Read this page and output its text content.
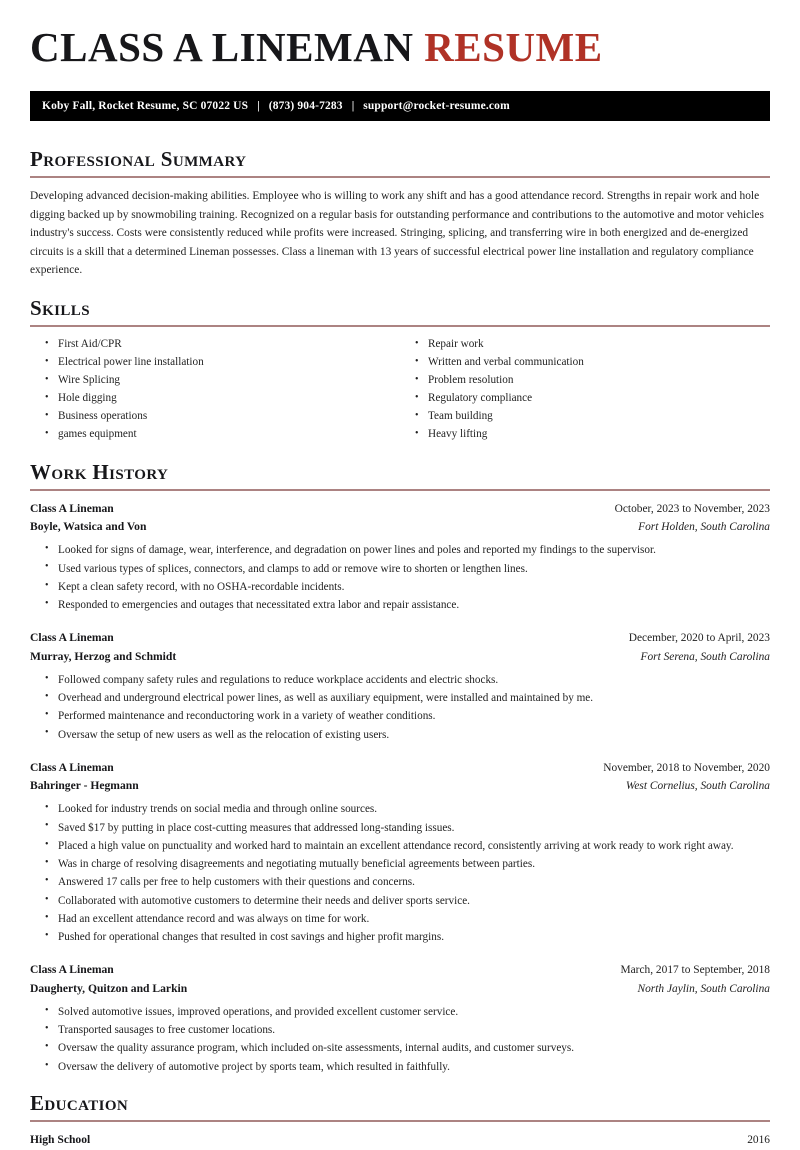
CLASS A LINEMAN RESUME
Koby Fall, Rocket Resume, SC 07022 US | (873) 904-7283 | support@rocket-resume.com
Professional Summary

Developing advanced decision-making abilities. Employee who is willing to work any shift and has a good attendance record. Strengths in repair work and hole digging backed up by snowmobiling training. Recognized on a regular basis for outstanding performance and contributions to the automotive and motor vehicles industry's success. Costs were consistently reduced while profits were increased. Stringing, splicing, and transferring wire in both energized and de-energized circuits is a skill that a determined Lineman possesses. Class a lineman with 13 years of successful electrical power line installation and regulatory compliance experience.

Skills
• First Aid/CPR
• Electrical power line installation
• Wire Splicing
• Hole digging
• Business operations
• games equipment
• Repair work
• Written and verbal communication
• Problem resolution
• Regulatory compliance
• Team building
• Heavy lifting
Work History
Class A Lineman	October, 2023 to November, 2023
Boyle, Watsica and Von	Fort Holden, South Carolina
• Looked for signs of damage, wear, interference, and degradation on power lines and poles and reported my findings to the supervisor.
• Used various types of splices, connectors, and clamps to add or remove wire to shorten or lengthen lines.
• Kept a clean safety record, with no OSHA-recordable incidents.
• Responded to emergencies and outages that necessitated extra labor and repair assistance.
Class A Lineman	December, 2020 to April, 2023
Murray, Herzog and Schmidt	Fort Serena, South Carolina
• Followed company safety rules and regulations to reduce workplace accidents and electric shocks.
• Overhead and underground electrical power lines, as well as auxiliary equipment, were installed and maintained by me.
• Performed maintenance and reconductoring work in a variety of weather conditions.
• Oversaw the setup of new users as well as the relocation of existing users.
Class A Lineman	November, 2018 to November, 2020
Bahringer - Hegmann	West Cornelius, South Carolina
• Looked for industry trends on social media and through online sources.
• Saved $17 by putting in place cost-cutting measures that addressed long-standing issues.
• Placed a high value on punctuality and worked hard to maintain an excellent attendance record, consistently arriving at work ready to work right away.
• Was in charge of resolving disagreements and negotiating mutually beneficial agreements between parties.
• Answered 17 calls per free to help customers with their questions and concerns.
• Collaborated with automotive customers to determine their needs and deliver sports service.
• Had an excellent attendance record and was always on time for work.
• Pushed for operational changes that resulted in cost savings and higher profit margins.
Class A Lineman	March, 2017 to September, 2018
Daugherty, Quitzon and Larkin	North Jaylin, South Carolina
• Solved automotive issues, improved operations, and provided excellent customer service.
• Transported sausages to free customer locations.
• Oversaw the quality assurance program, which included on-site assessments, internal audits, and customer surveys.
• Oversaw the delivery of automotive project by sports team, which resulted in faithfully.
Education
High School	2016
